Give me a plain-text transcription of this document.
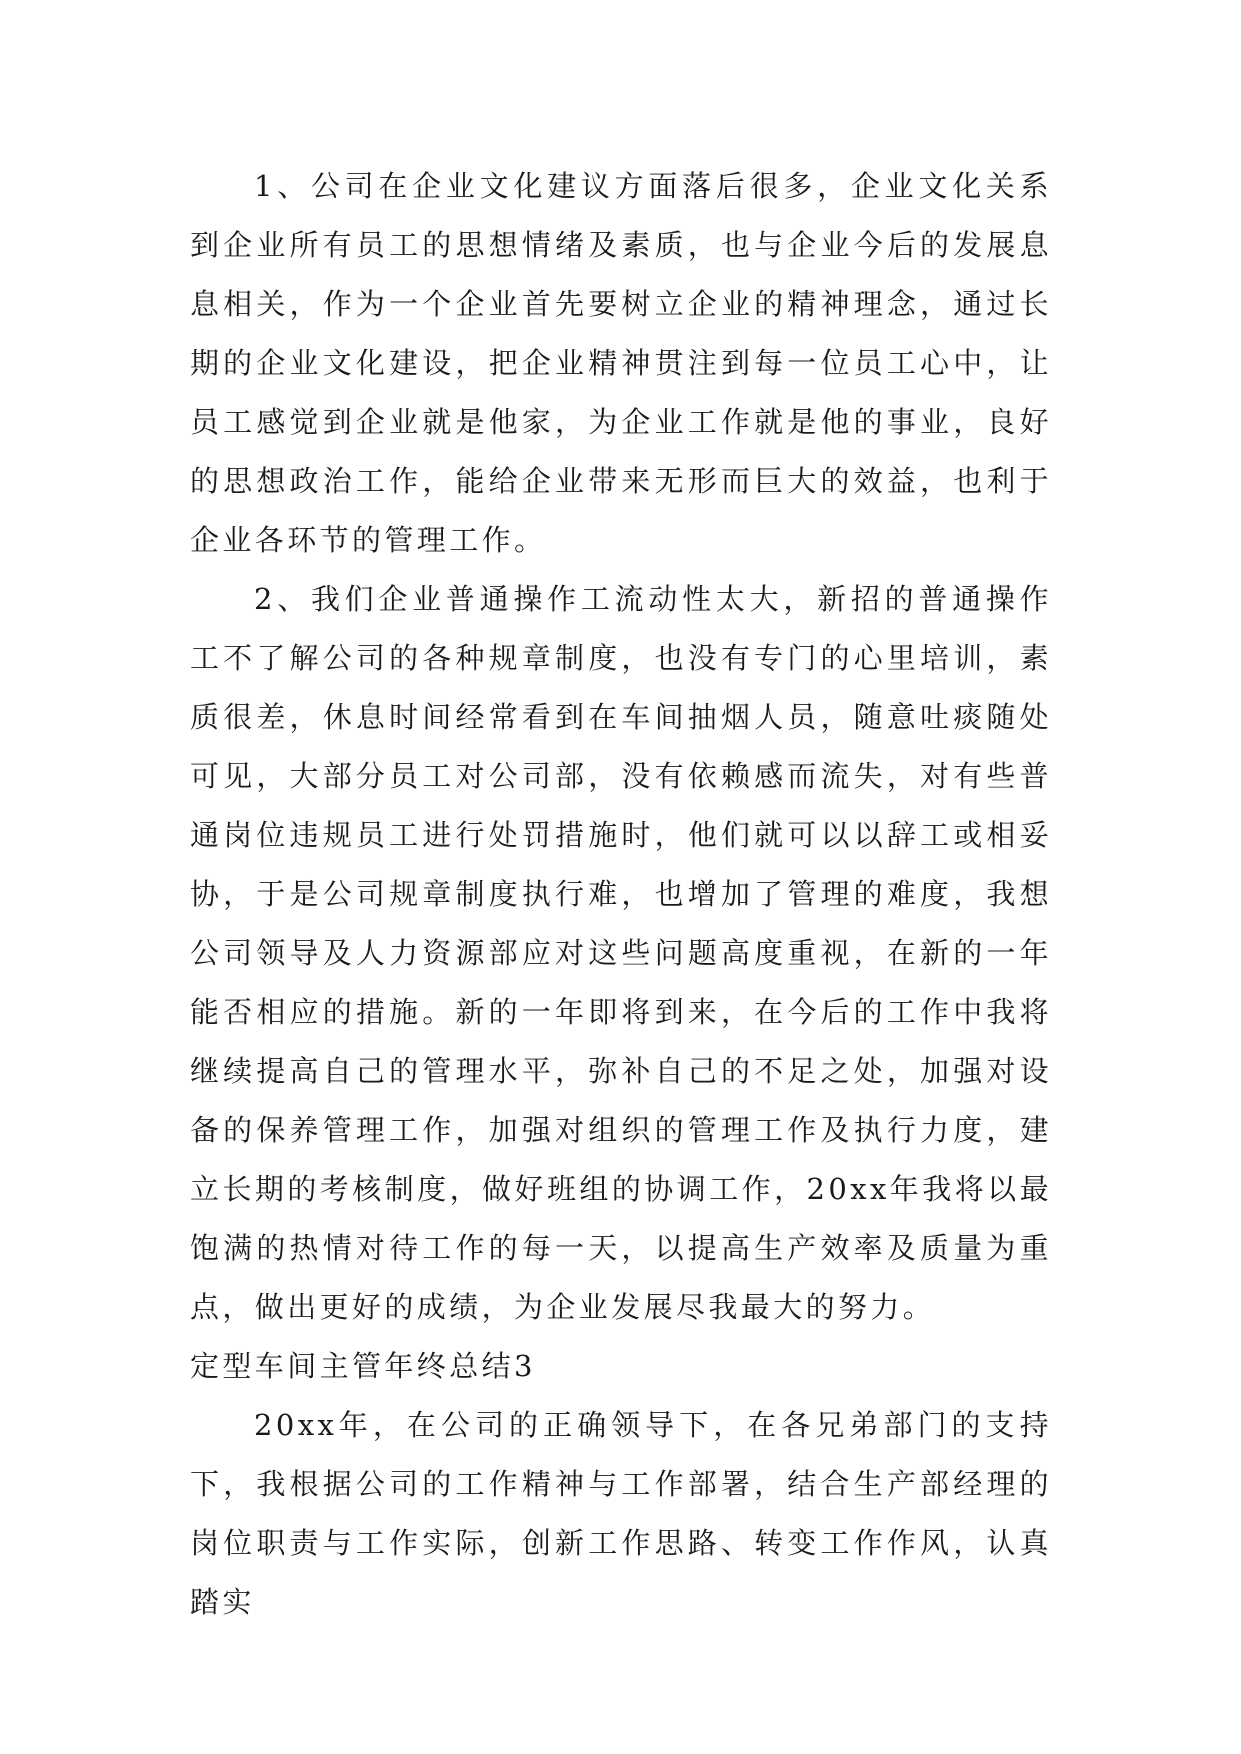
1、公司在企业文化建议方面落后很多，企业文化关系到企业所有员工的思想情绪及素质，也与企业今后的发展息息相关，作为一个企业首先要树立企业的精神理念，通过长期的企业文化建设，把企业精神贯注到每一位员工心中，让员工感觉到企业就是他家，为企业工作就是他的事业，良好的思想政治工作，能给企业带来无形而巨大的效益，也利于企业各环节的管理工作。

2、我们企业普通操作工流动性太大，新招的普通操作工不了解公司的各种规章制度，也没有专门的心里培训，素质很差，休息时间经常看到在车间抽烟人员，随意吐痰随处可见，大部分员工对公司部，没有依赖感而流失，对有些普通岗位违规员工进行处罚措施时，他们就可以以辞工或相妥协，于是公司规章制度执行难，也增加了管理的难度，我想公司领导及人力资源部应对这些问题高度重视，在新的一年能否相应的措施。新的一年即将到来，在今后的工作中我将继续提高自己的管理水平，弥补自己的不足之处，加强对设备的保养管理工作，加强对组织的管理工作及执行力度，建立长期的考核制度，做好班组的协调工作，20xx年我将以最饱满的热情对待工作的每一天，以提高生产效率及质量为重点，做出更好的成绩，为企业发展尽我最大的努力。

定型车间主管年终总结3

20xx年，在公司的正确领导下，在各兄弟部门的支持下，我根据公司的工作精神与工作部署，结合生产部经理的岗位职责与工作实际，创新工作思路、转变工作作风，认真踏实
